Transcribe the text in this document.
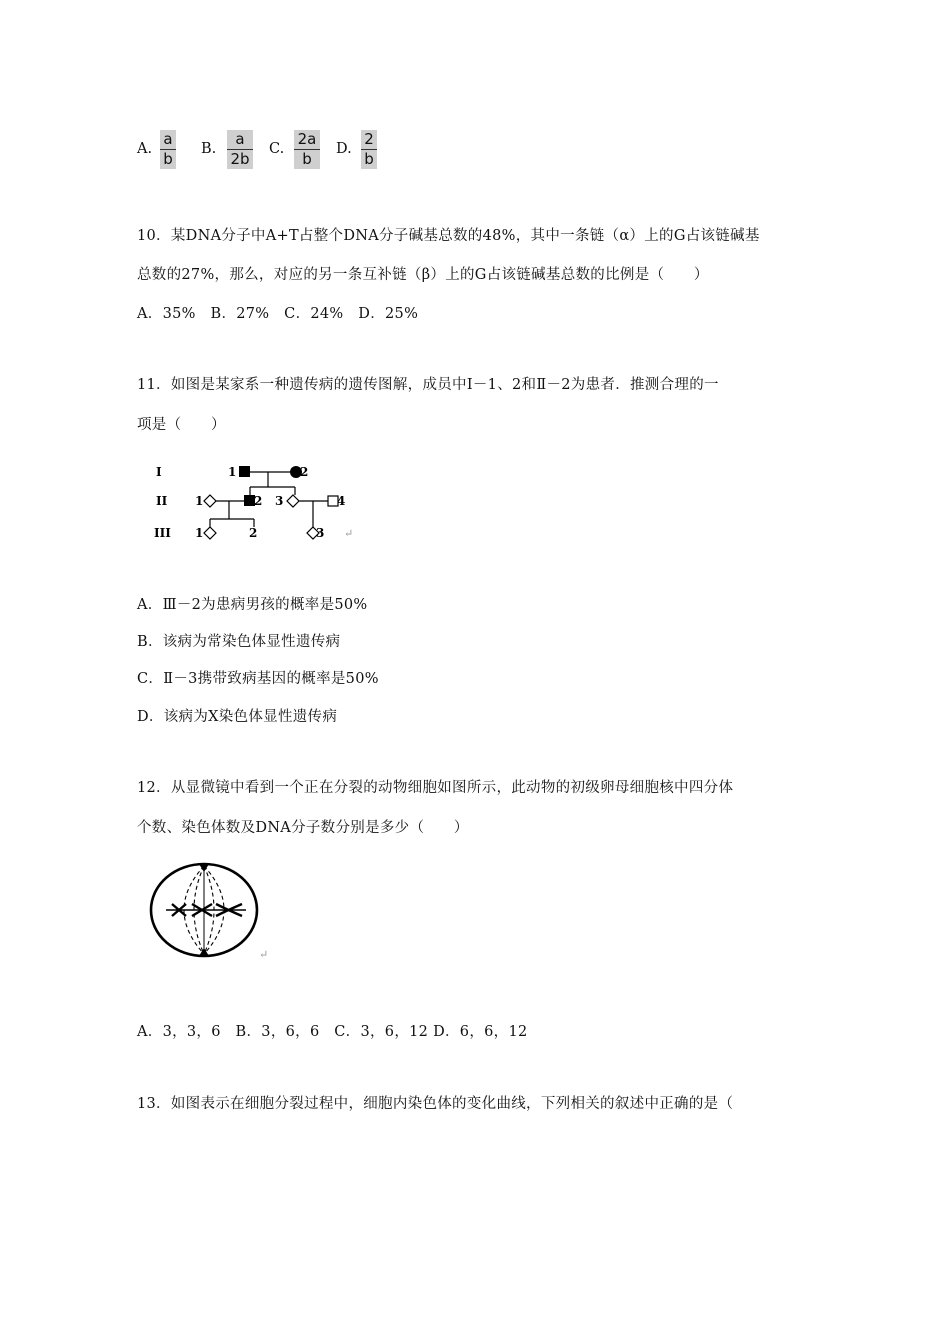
A. $\frac{a}{b} B$. $\frac{a}{2b} C$. $\frac{2a}{b} D$. $\frac{2}{b}$
10．某DNA分子中A+T占整个DNA分子碱基总数的48%，其中一条链（α）上的G占该链碱基
总数的27%，那么，对应的另一条互补链（β）上的G占该链碱基总数的比例是（　　）
A．35%　B．27%　C．24%　D．25%
11．如图是某家系一种遗传病的遗传图解，成员中Ⅰ－1、2和Ⅱ－2为患者．推测合理的一
项是（　　）
I
II
III
1	2
1	2 3	4
1	2	3 ↵
A．Ⅲ－2为患病男孩的概率是50%
B．该病为常染色体显性遗传病
C．Ⅱ－3携带致病基因的概率是50%
D．该病为X染色体显性遗传病
12．从显微镜中看到一个正在分裂的动物细胞如图所示，此动物的初级卵母细胞核中四分体
个数、染色体数及DNA分子数分别是多少（　　）
↵
A．3，3，6　B．3，6，6　C．3，6，12 D．6，6，12
13．如图表示在细胞分裂过程中，细胞内染色体的变化曲线，下列相关的叙述中正确的是（
